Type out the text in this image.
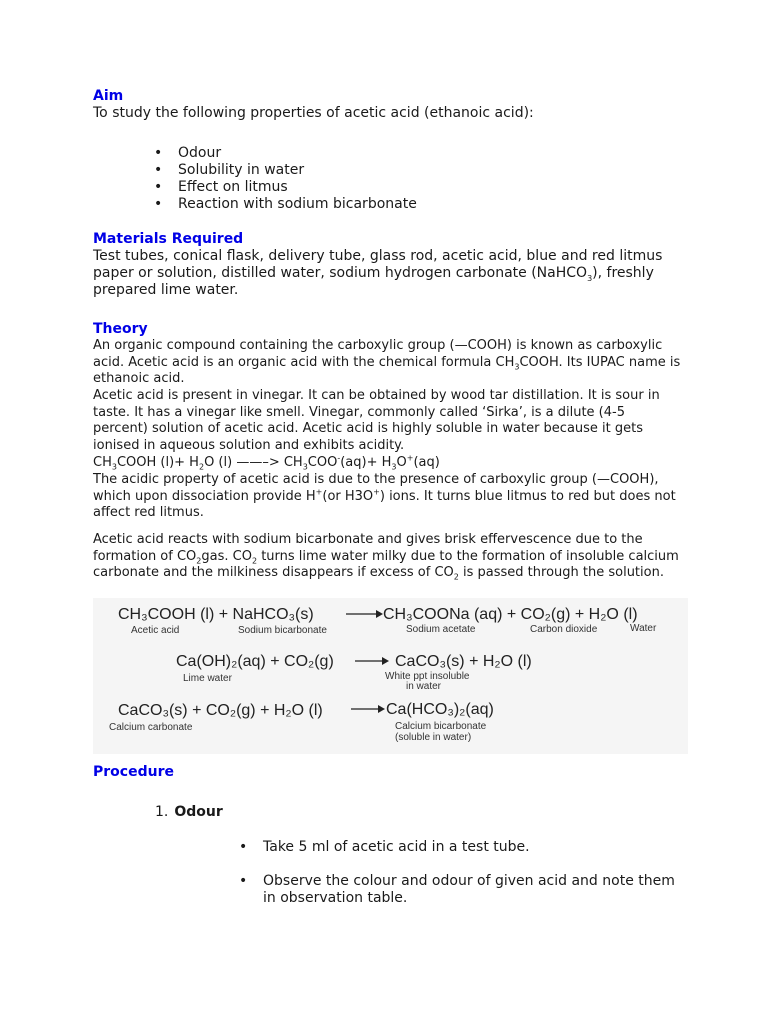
Aim

To study the following properties of acetic acid (ethanoic acid):

• Odour
• Solubility in water
• Effect on litmus
• Reaction with sodium bicarbonate
Materials Required

Test tubes, conical flask, delivery tube, glass rod, acetic acid, blue and red litmus paper or solution, distilled water, sodium hydrogen carbonate (NaHCO$_3$), freshly prepared lime water.

Theory

An organic compound containing the carboxylic group (—COOH) is known as carboxylic acid. Acetic acid is an organic acid with the chemical formula $CH_3COOH$. Its IUPAC name is ethanoic acid.

Acetic acid is present in vinegar. It can be obtained by wood tar distillation. It is sour in taste. It has a vinegar like smell. Vinegar, commonly called ‘Sirka’, is a dilute (4-5 percent) solution of acetic acid. Acetic acid is highly soluble in water because it gets ionised in aqueous solution and exhibits acidity.

$CH_3COOH$ $(l)+ H_2O$ (l) ——–> $CH_3COO^-(aq)+ H_3O^+(aq)$

The acidic property of acetic acid is due to the presence of carboxylic group (—COOH), which upon dissociation provide H+(or H3O+) ions. It turns blue litmus to red but does not affect red litmus.

Acetic acid reacts with sodium bicarbonate and gives brisk effervescence due to the formation of $CO_2gas$. $CO_2$ turns lime water milky due to the formation of insoluble calcium carbonate and the milkiness disappears if excess of $CO_2$ is passed through the solution.

CH₃COOH (l) + NaHCO₃(s)	CH₃COONa (aq) + CO₂(g) + H₂O (l)
Acetic acid	Sodium bicarbonate	Sodium acetate	Carbon dioxide	Water
Ca(OH)₂(aq) + CO₂(g)	CaCO₃(s) + H₂O (l)
Lime water	White ppt insoluble
in water
CaCO₃(s) + CO₂(g) + H₂O (l)	Ca(HCO₃)₂(aq)
Calcium carbonate	Calcium bicarbonate
(soluble in water)
Procedure

1. Odour

• Take 5 ml of acetic acid in a test tube.
• Observe the colour and odour of given acid and note them in observation table.
